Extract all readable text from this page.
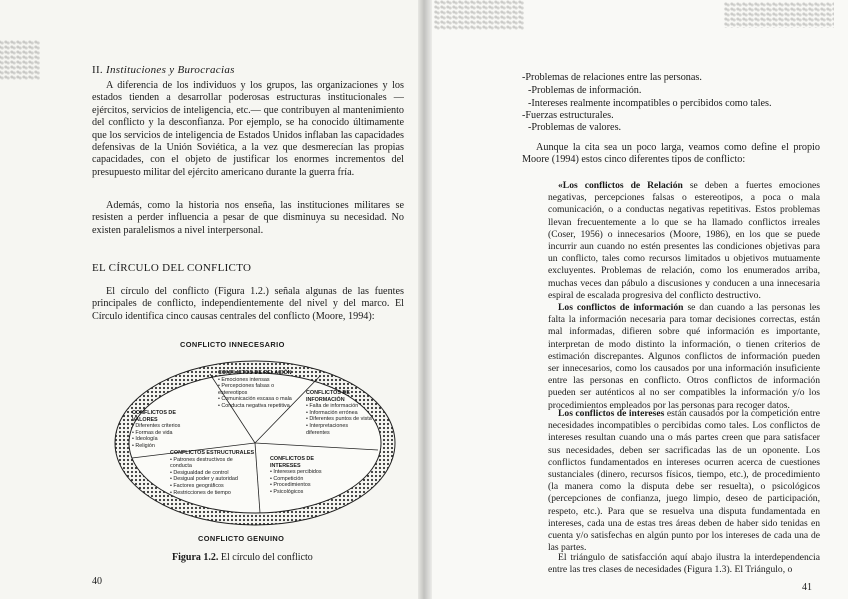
II. Instituciones y Burocracias
A diferencia de los individuos y los grupos, las organizaciones y los estados tienden a desarrollar poderosas estructuras institucionales —ejércitos, servicios de inteligencia, etc.— que contribuyen al mantenimiento del conflicto y la desconfianza. Por ejemplo, se ha conocido últimamente que los servicios de inteligencia de Estados Unidos inflaban las capacidades defensivas de la Unión Soviética, a la vez que desmerecían las propias capacidades, con el objeto de justificar los enormes incrementos del presupuesto militar del ejército americano durante la guerra fría.
Además, como la historia nos enseña, las instituciones militares se resisten a perder influencia a pesar de que disminuya su necesidad. No existen paralelismos a nivel interpersonal.
EL CÍRCULO DEL CONFLICTO
El círculo del conflicto (Figura 1.2.) señala algunas de las fuentes principales de conflicto, independientemente del nivel y del marco. El Círculo identifica cinco causas centrales del conflicto (Moore, 1994):
CONFLICTO INNECESARIO
CONFLICTO GENUINO
CONFLICTOS DE RELACIÓN
• Emociones intensas
• Percepciones falsas o estereotipos
• Comunicación escasa o mala
• Conducta negativa repetitiva
CONFLICTOS DE INFORMACIÓN
• Falta de información
• Información errónea
• Diferentes puntos de vista
• Interpretaciones diferentes
CONFLICTOS DE VALORES
• Diferentes criterios
• Formas de vida
• Ideología
• Religión
CONFLICTOS ESTRUCTURALES
• Patrones destructivos de conducta
• Desigualdad de control
• Desigual poder y autoridad
• Factores geográficos
• Restricciones de tiempo
CONFLICTOS DE INTERESES
• Intereses percibidos
• Competición
• Procedimientos
• Psicológicos
Figura 1.2. El círculo del conflicto
40
-Problemas de relaciones entre las personas.
-Problemas de información.
-Intereses realmente incompatibles o percibidos como tales.
-Fuerzas estructurales.
-Problemas de valores.
Aunque la cita sea un poco larga, veamos como define el propio Moore (1994) estos cinco diferentes tipos de conflicto:
«Los conflictos de Relación se deben a fuertes emociones negativas, percepciones falsas o estereotipos, a poca o mala comunicación, o a conductas negativas repetitivas. Estos problemas llevan frecuentemente a lo que se ha llamado conflictos irreales (Coser, 1956) o innecesarios (Moore, 1986), en los que se puede incurrir aun cuando no estén presentes las condiciones objetivas para un conflicto, tales como recursos limitados u objetivos mutuamente excluyentes. Problemas de relación, como los enumerados arriba, muchas veces dan pábulo a discusiones y conducen a una innecesaria espiral de escalada progresiva del conflicto destructivo.
Los conflictos de información se dan cuando a las personas les falta la información necesaria para tomar decisiones correctas, están mal informadas, difieren sobre qué información es importante, interpretan de modo distinto la información, o tienen criterios de estimación discrepantes. Algunos conflictos de información pueden ser innecesarios, como los causados por una información insuficiente entre las personas en conflicto. Otros conflictos de información pueden ser auténticos al no ser compatibles la información y/o los procedimientos empleados por las personas para recoger datos.
Los conflictos de intereses están causados por la competición entre necesidades incompatibles o percibidas como tales. Los conflictos de intereses resultan cuando una o más partes creen que para satisfacer sus necesidades, deben ser sacrificadas las de un oponente. Los conflictos fundamentados en intereses ocurren acerca de cuestiones sustanciales (dinero, recursos físicos, tiempo, etc.), de procedimiento (la manera como la disputa debe ser resuelta), o psicológicos (percepciones de confianza, juego limpio, deseo de participación, respeto, etc.). Para que se resuelva una disputa fundamentada en intereses, cada una de estas tres áreas deben de haber sido tenidas en cuenta y/o satisfechas en algún punto por los intereses de cada una de las partes.
El triángulo de satisfacción aquí abajo ilustra la interdependencia entre las tres clases de necesidades (Figura 1.3). El Triángulo, o
41
